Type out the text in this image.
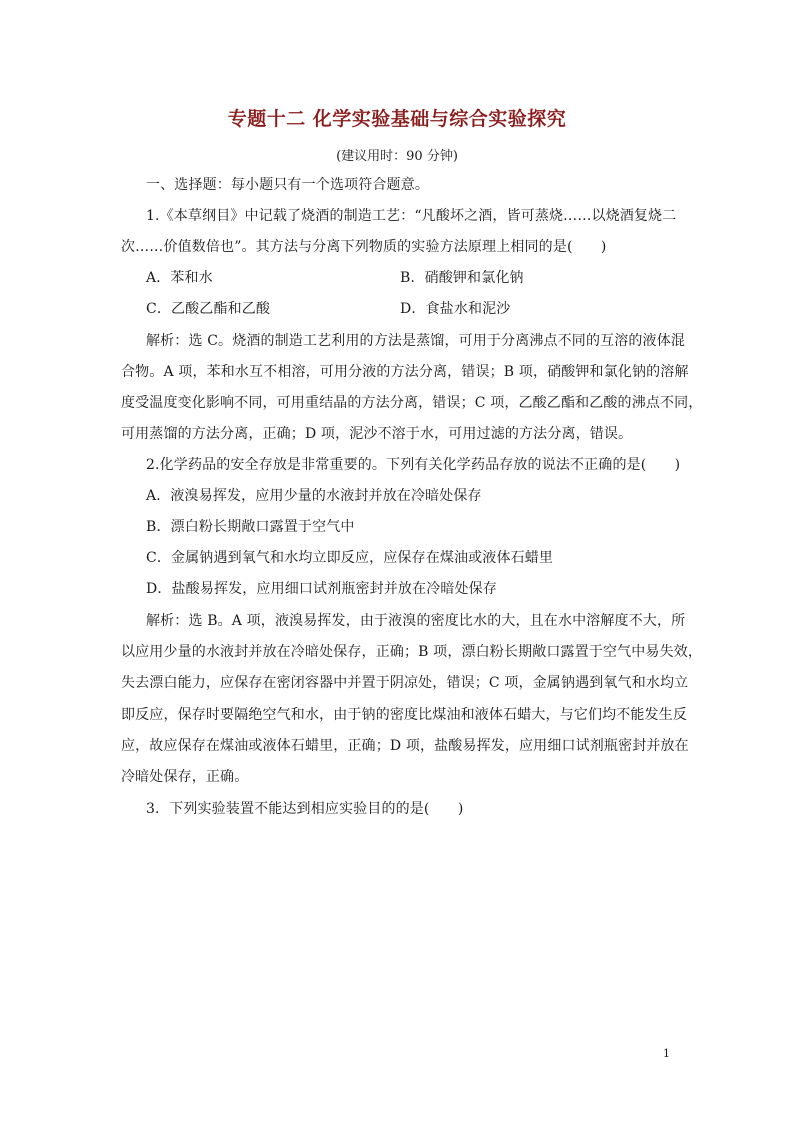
专题十二 化学实验基础与综合实验探究
(建议用时：90 分钟)
一、选择题：每小题只有一个选项符合题意。
1.《本草纲目》中记载了烧酒的制造工艺：“凡酸坏之酒，皆可蒸烧……以烧酒复烧二
次……价值数倍也”。其方法与分离下列物质的实验方法原理上相同的是(　　)
A．苯和水	B．硝酸钾和氯化钠
C．乙酸乙酯和乙酸	D．食盐水和泥沙
解析：选 C。烧酒的制造工艺利用的方法是蒸馏，可用于分离沸点不同的互溶的液体混
合物。A 项，苯和水互不相溶，可用分液的方法分离，错误；B 项，硝酸钾和氯化钠的溶解
度受温度变化影响不同，可用重结晶的方法分离，错误；C 项，乙酸乙酯和乙酸的沸点不同，
可用蒸馏的方法分离，正确；D 项，泥沙不溶于水，可用过滤的方法分离，错误。
2.化学药品的安全存放是非常重要的。下列有关化学药品存放的说法不正确的是(　　)
A．液溴易挥发，应用少量的水液封并放在冷暗处保存
B．漂白粉长期敞口露置于空气中
C．金属钠遇到氧气和水均立即反应，应保存在煤油或液体石蜡里
D．盐酸易挥发，应用细口试剂瓶密封并放在冷暗处保存
解析：选 B。A 项，液溴易挥发，由于液溴的密度比水的大，且在水中溶解度不大，所
以应用少量的水液封并放在冷暗处保存，正确；B 项，漂白粉长期敞口露置于空气中易失效，
失去漂白能力，应保存在密闭容器中并置于阴凉处，错误；C 项，金属钠遇到氧气和水均立
即反应，保存时要隔绝空气和水，由于钠的密度比煤油和液体石蜡大，与它们均不能发生反
应，故应保存在煤油或液体石蜡里，正确；D 项，盐酸易挥发，应用细口试剂瓶密封并放在
冷暗处保存，正确。
3．下列实验装置不能达到相应实验目的的是(　　)
1
